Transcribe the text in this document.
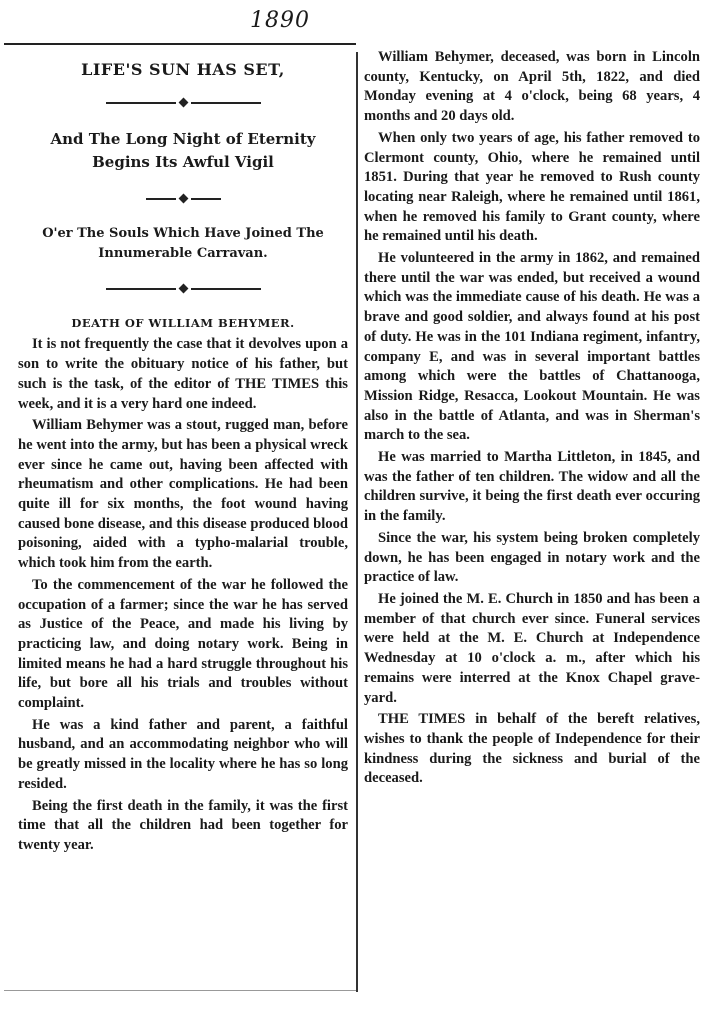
1890
LIFE'S SUN HAS SET,
And The Long Night of Eternity Begins Its Awful Vigil
O'er The Souls Which Have Joined The Innumerable Carravan.
DEATH OF WILLIAM BEHYMER.

It is not frequently the case that it devolves upon a son to write the obituary notice of his father, but such is the task, of the editor of THE TIMES this week, and it is a very hard one indeed.

William Behymer was a stout, rugged man, before he went into the army, but has been a physical wreck ever since he came out, having been affected with rheumatism and other complications. He had been quite ill for six months, the foot wound having caused bone disease, and this disease produced blood poisoning, aided with a typho-malarial trouble, which took him from the earth.

To the commencement of the war he followed the occupation of a farmer; since the war he has served as Justice of the Peace, and made his living by practicing law, and doing notary work. Being in limited means he had a hard struggle throughout his life, but bore all his trials and troubles without complaint.

He was a kind father and parent, a faithful husband, and an accommodating neighbor who will be greatly missed in the locality where he has so long resided.

Being the first death in the family, it was the first time that all the children had been together for twenty year.

William Behymer, deceased, was born in Lincoln county, Kentucky, on April 5th, 1822, and died Monday evening at 4 o'clock, being 68 years, 4 months and 20 days old.

When only two years of age, his father removed to Clermont county, Ohio, where he remained until 1851. During that year he removed to Rush county locating near Raleigh, where he remained until 1861, when he removed his family to Grant county, where he remained until his death.

He volunteered in the army in 1862, and remained there until the war was ended, but received a wound which was the immediate cause of his death. He was a brave and good soldier, and always found at his post of duty. He was in the 101 Indiana regiment, infantry, company E, and was in several important battles among which were the battles of Chattanooga, Mission Ridge, Resacca, Lookout Mountain. He was also in the battle of Atlanta, and was in Sherman's march to the sea.

He was married to Martha Littleton, in 1845, and was the father of ten children. The widow and all the children survive, it being the first death ever occuring in the family.

Since the war, his system being broken completely down, he has been engaged in notary work and the practice of law.

He joined the M. E. Church in 1850 and has been a member of that church ever since. Funeral services were held at the M. E. Church at Independence Wednesday at 10 o'clock a. m., after which his remains were interred at the Knox Chapel grave-yard.

THE TIMES in behalf of the bereft relatives, wishes to thank the people of Independence for their kindness during the sickness and burial of the deceased.
